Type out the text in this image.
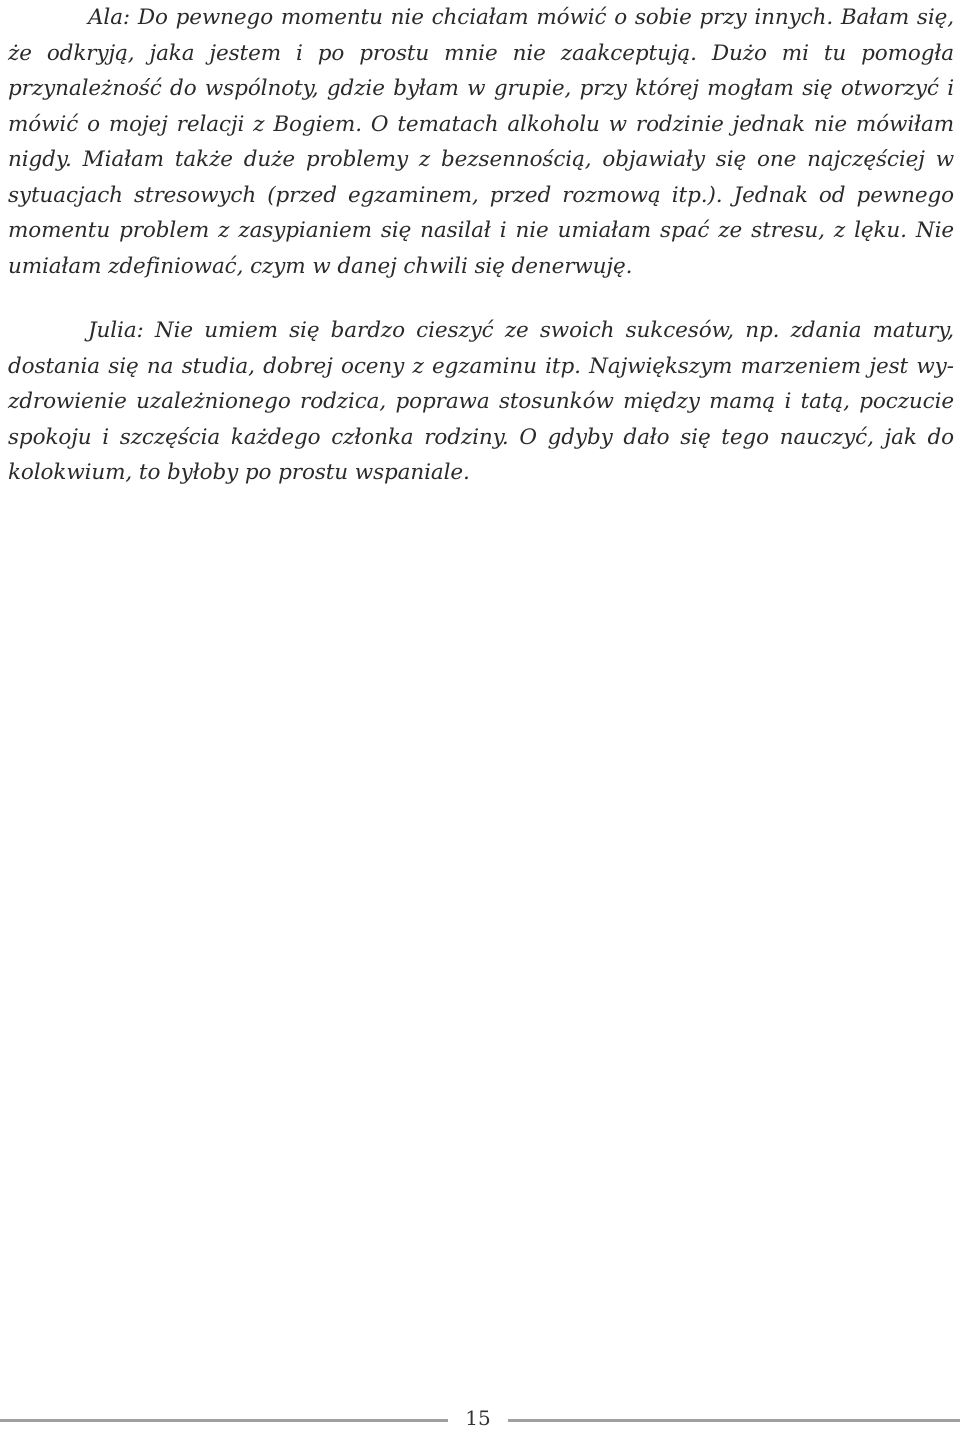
Ala: Do pewnego momentu nie chciałam mówić o sobie przy innych. Bałam się, że odkryją, jaka jestem i po prostu mnie nie zaakceptują. Dużo mi tu pomogła przynależność do wspólnoty, gdzie byłam w grupie, przy której mogłam się otworzyć i mówić o mojej relacji z Bogiem. O tematach alkoholu w rodzinie jednak nie mówiłam nigdy. Miałam także duże problemy z bezsennością, objawiały się one najczęściej w sytuacjach stresowych (przed egzaminem, przed rozmową itp.). Jednak od pewnego momentu problem z zasypianiem się nasilał i nie umiałam spać ze stresu, z lęku. Nie umiałam zdefiniować, czym w danej chwili się denerwuję.

Julia: Nie umiem się bardzo cieszyć ze swoich sukcesów, np. zdania matury, dostania się na studia, dobrej oceny z egzaminu itp. Największym marzeniem jest wyzdrowienie uzależnionego rodzica, poprawa stosunków między mamą i tatą, poczucie spokoju i szczęścia każdego członka rodziny. O gdyby dało się tego nauczyć, jak do kolokwium, to byłoby po prostu wspaniale.

15
